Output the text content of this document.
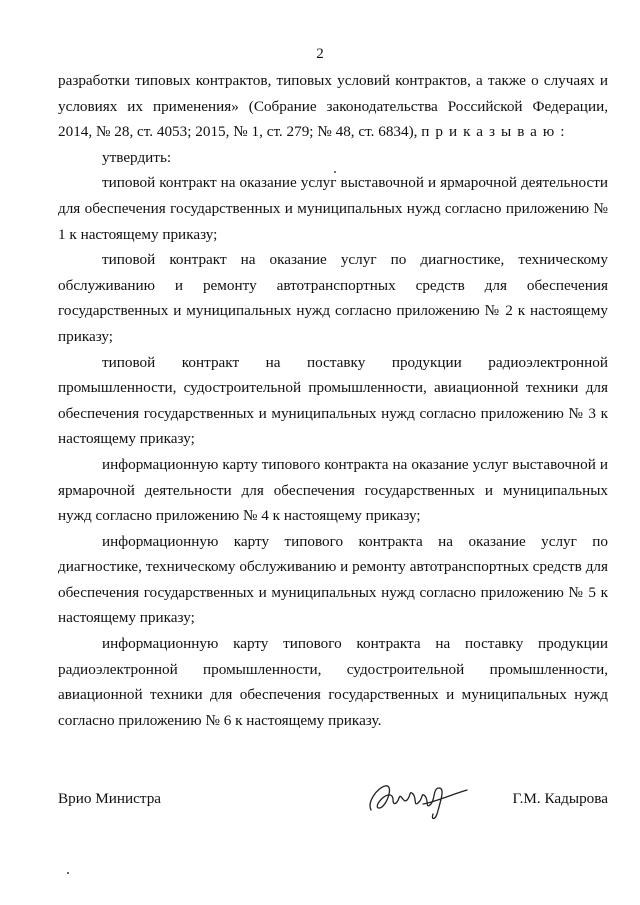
2

разработки типовых контрактов, типовых условий контрактов, а также о случаях и условиях их применения» (Собрание законодательства Российской Федерации, 2014, № 28, ст. 4053; 2015, № 1, ст. 279; № 48, ст. 6834), приказываю:

утвердить:

типовой контракт на оказание услуг выставочной и ярмарочной деятельности для обеспечения государственных и муниципальных нужд согласно приложению № 1 к настоящему приказу;

типовой контракт на оказание услуг по диагностике, техническому обслуживанию и ремонту автотранспортных средств для обеспечения государственных и муниципальных нужд согласно приложению № 2 к настоящему приказу;

типовой контракт на поставку продукции радиоэлектронной промышленности, судостроительной промышленности, авиационной техники для обеспечения государственных и муниципальных нужд согласно приложению № 3 к настоящему приказу;

информационную карту типового контракта на оказание услуг выставочной и ярмарочной деятельности для обеспечения государственных и муниципальных нужд согласно приложению № 4 к настоящему приказу;

информационную карту типового контракта на оказание услуг по диагностике, техническому обслуживанию и ремонту автотранспортных средств для обеспечения государственных и муниципальных нужд согласно приложению № 5 к настоящему приказу;

информационную карту типового контракта на поставку продукции радиоэлектронной промышленности, судостроительной промышленности, авиационной техники для обеспечения государственных и муниципальных нужд согласно приложению № 6 к настоящему приказу.

Врио Министра	Г.М. Кадырова
